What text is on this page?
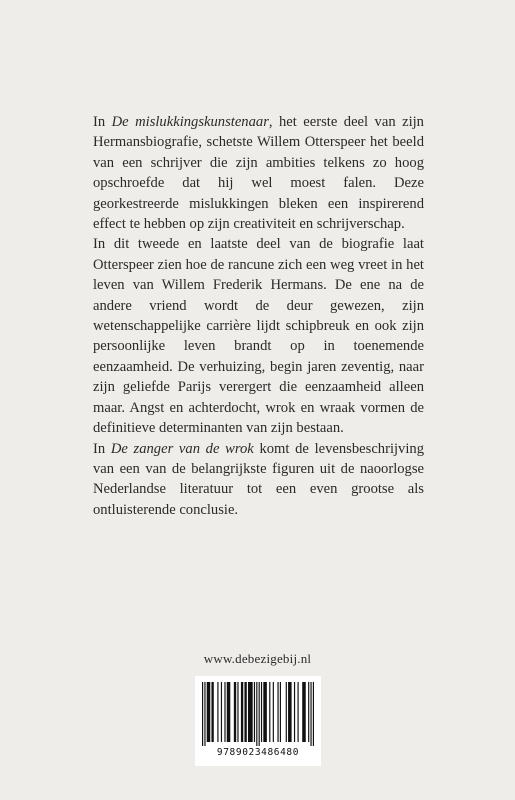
In De mislukkingskunstenaar, het eerste deel van zijn Hermansbiografie, schetste Willem Otterspeer het beeld van een schrijver die zijn ambities telkens zo hoog opschroefde dat hij wel moest falen. Deze georkestreerde mislukkingen bleken een inspirerend effect te hebben op zijn creativiteit en schrijverschap.

In dit tweede en laatste deel van de biografie laat Otterspeer zien hoe de rancune zich een weg vreet in het leven van Willem Frederik Hermans. De ene na de andere vriend wordt de deur gewezen, zijn wetenschappelijke carrière lijdt schipbreuk en ook zijn persoonlijke leven brandt op in toenemende eenzaamheid. De verhuizing, begin jaren zeventig, naar zijn geliefde Parijs verergert die eenzaamheid alleen maar. Angst en achterdocht, wrok en wraak vormen de definitieve determinanten van zijn bestaan.

In De zanger van de wrok komt de levensbeschrijving van een van de belangrijkste figuren uit de naoorlogse Nederlandse literatuur tot een even grootse als ontluisterende conclusie.

www.debezigebij.nl
9789023486480
